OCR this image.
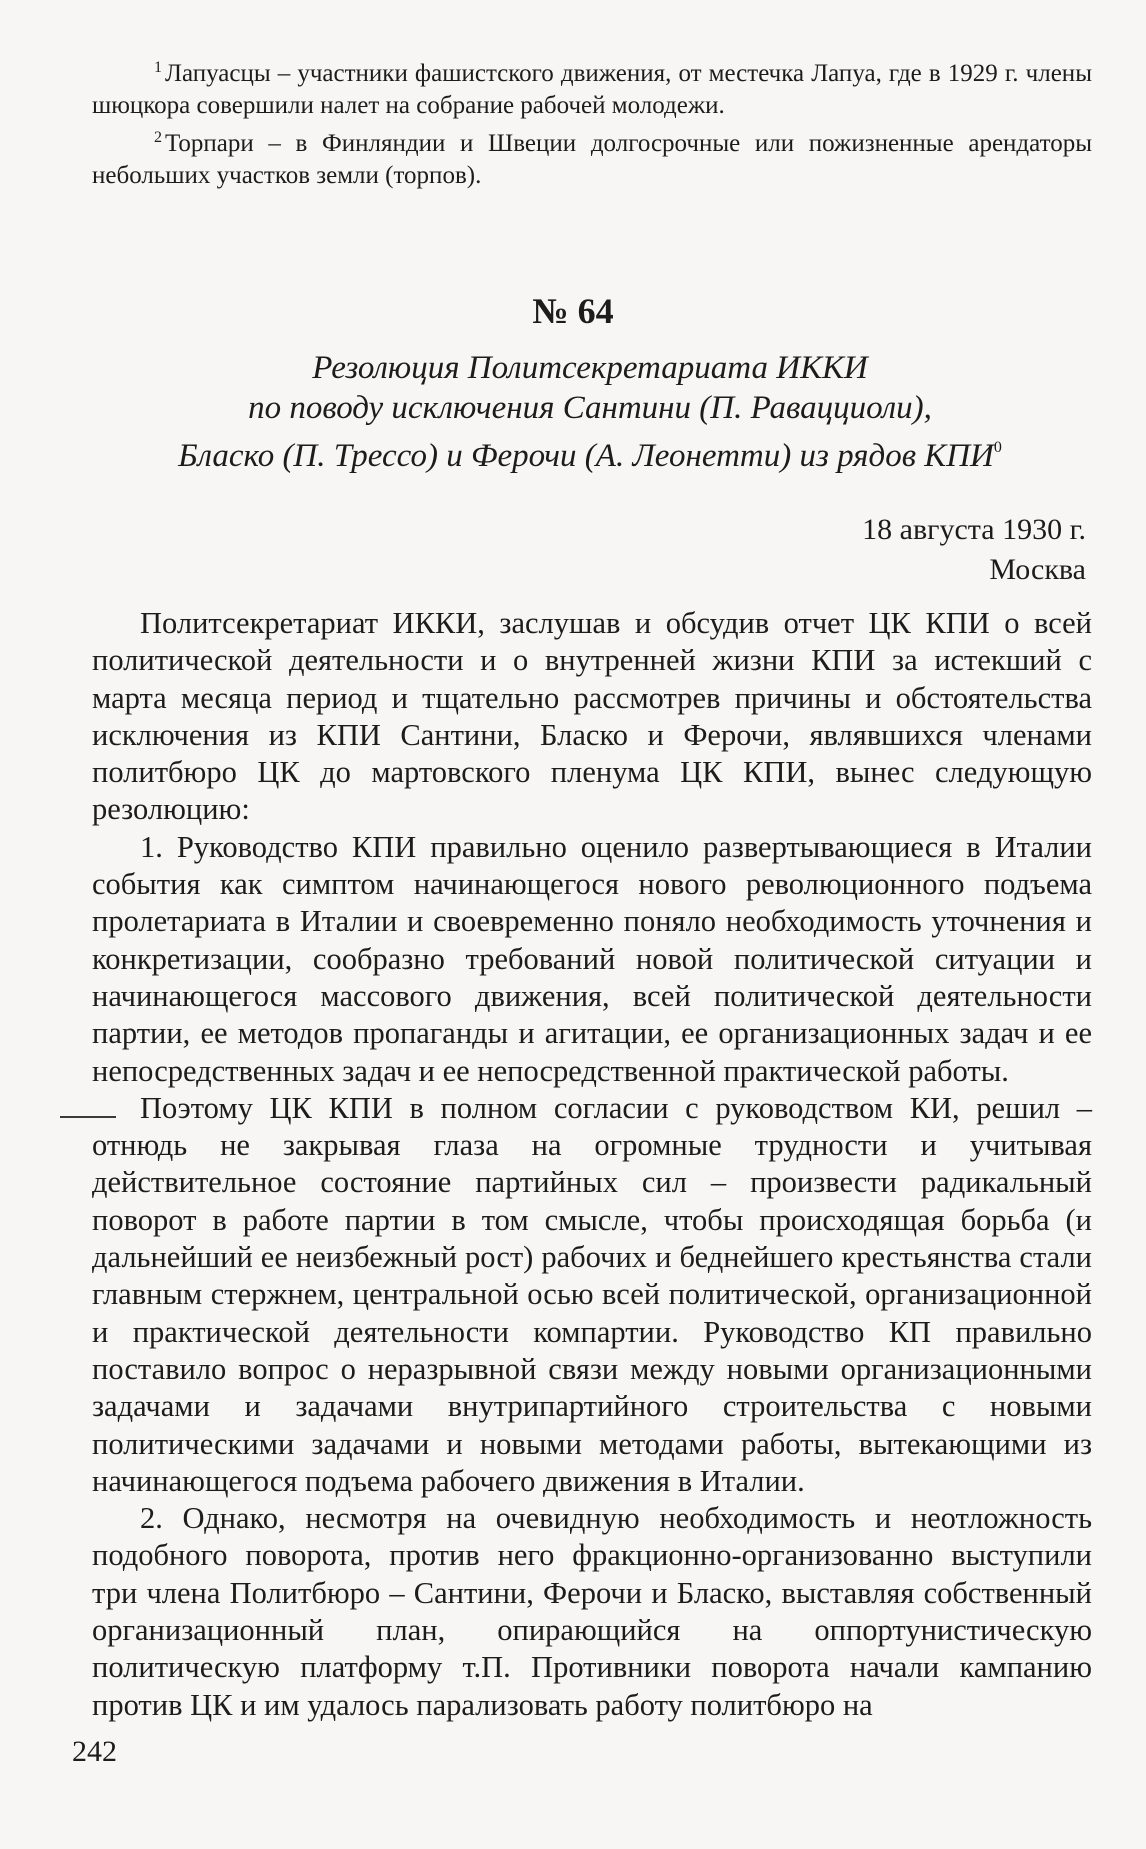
$^1$ Лапуасцы – участники фашистского движения, от местечка Лапуа, где в 1929 г. члены шюцкора совершили налет на собрание рабочей молодежи.

$^2$ Торпари – в Финляндии и Швеции долгосрочные или пожизненные арендаторы небольших участков земли (торпов).

№ 64
Резолюция Политсекретариата ИККИ
по поводу исключения Сантини (П. Равацциоли),
Бласко (П. Трессо) и Ферочи (А. Леонетти) из рядов КПИ$^0$
18 августа 1930 г.
Москва

Политсекретариат ИККИ, заслушав и обсудив отчет ЦК КПИ о всей политической деятельности и о внутренней жизни КПИ за истекший с марта месяца период и тщательно рассмотрев причины и обстоятельства исключения из КПИ Сантини, Бласко и Ферочи, являвшихся членами политбюро ЦК до мартовского пленума ЦК КПИ, вынес следующую резолюцию:

1. Руководство КПИ правильно оценило развертывающиеся в Италии события как симптом начинающегося нового революционного подъема пролетариата в Италии и своевременно поняло необходимость уточнения и конкретизации, сообразно требований новой политической ситуации и начинающегося массового движения, всей политической деятельности партии, ее методов пропаганды и агитации, ее организационных задач и ее непосредственных задач и ее непосредственной практической работы.

Поэтому ЦК КПИ в полном согласии с руководством КИ, решил – отнюдь не закрывая глаза на огромные трудности и учитывая действительное состояние партийных сил – произвести радикальный поворот в работе партии в том смысле, чтобы происходящая борьба (и дальнейший ее неизбежный рост) рабочих и беднейшего крестьянства стали главным стержнем, центральной осью всей политической, организационной и практической деятельности компартии. Руководство КП правильно поставило вопрос о неразрывной связи между новыми организационными задачами и задачами внутрипартийного строительства с новыми политическими задачами и новыми методами работы, вытекающими из начинающегося подъема рабочего движения в Италии.

2. Однако, несмотря на очевидную необходимость и неотложность подобного поворота, против него фракционно-организованно выступили три члена Политбюро – Сантини, Ферочи и Бласко, выставляя собственный организационный план, опирающийся на оппортунистическую политическую платформу т.П. Противники поворота начали кампанию против ЦК и им удалось парализовать работу политбюро на

242
